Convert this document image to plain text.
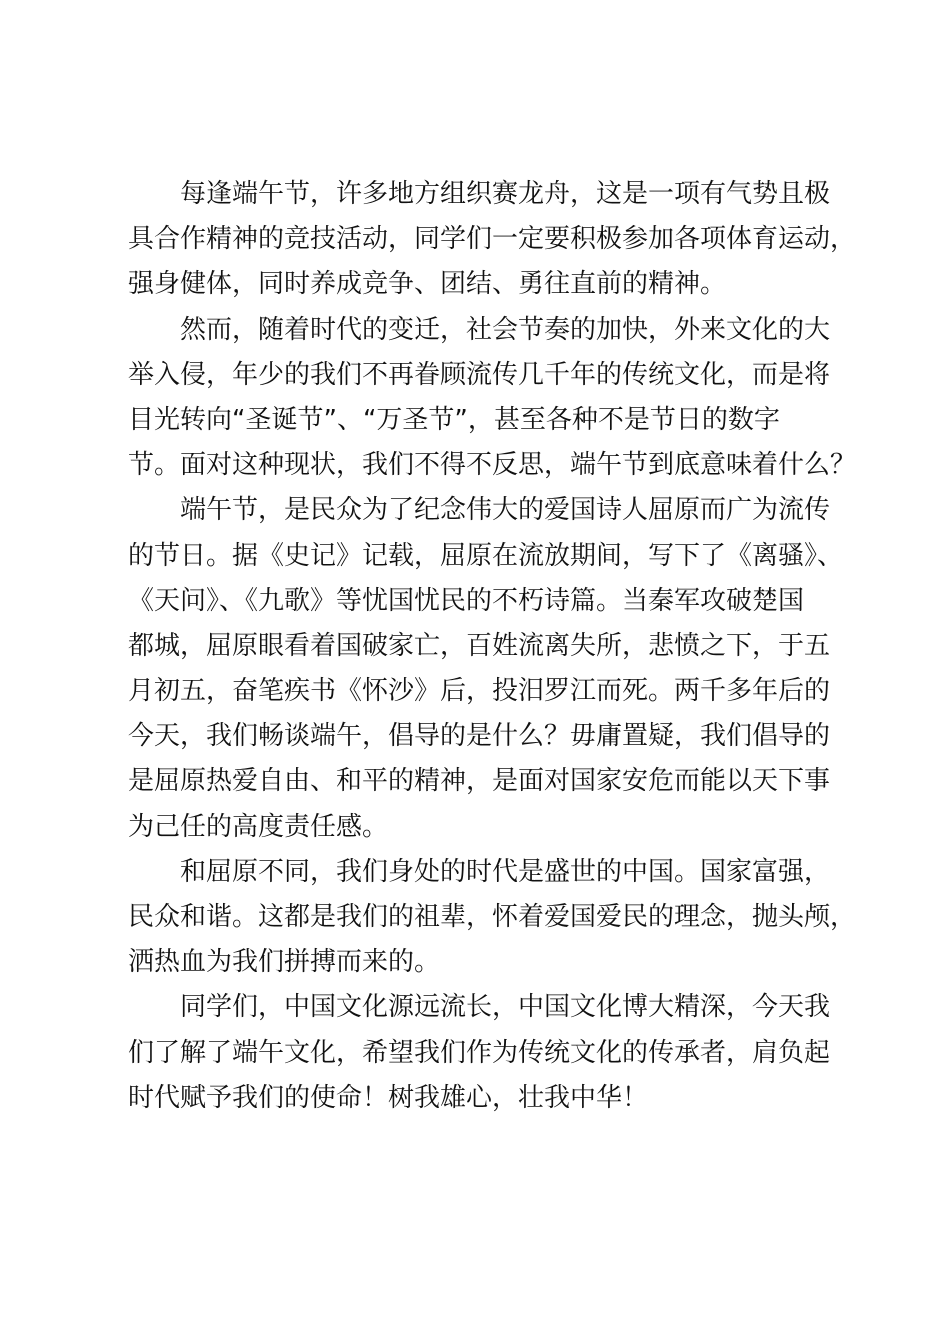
　　每逢端午节，许多地方组织赛龙舟，这是一项有气势且极
具合作精神的竞技活动，同学们一定要积极参加各项体育运动，
强身健体，同时养成竞争、团结、勇往直前的精神。
　　然而，随着时代的变迁，社会节奏的加快，外来文化的大
举入侵，年少的我们不再眷顾流传几千年的传统文化，而是将
目光转向“圣诞节”、“万圣节”，甚至各种不是节日的数字
节。面对这种现状，我们不得不反思，端午节到底意味着什么？
　　端午节，是民众为了纪念伟大的爱国诗人屈原而广为流传
的节日。据《史记》记载，屈原在流放期间，写下了《离骚》、
《天问》、《九歌》等忧国忧民的不朽诗篇。当秦军攻破楚国
都城，屈原眼看着国破家亡，百姓流离失所，悲愤之下，于五
月初五，奋笔疾书《怀沙》后，投汨罗江而死。两千多年后的
今天，我们畅谈端午，倡导的是什么？毋庸置疑，我们倡导的
是屈原热爱自由、和平的精神，是面对国家安危而能以天下事
为己任的高度责任感。
　　和屈原不同，我们身处的时代是盛世的中国。国家富强，
民众和谐。这都是我们的祖辈，怀着爱国爱民的理念，抛头颅，
洒热血为我们拼搏而来的。
　　同学们，中国文化源远流长，中国文化博大精深，今天我
们了解了端午文化，希望我们作为传统文化的传承者，肩负起
时代赋予我们的使命！树我雄心，壮我中华！
